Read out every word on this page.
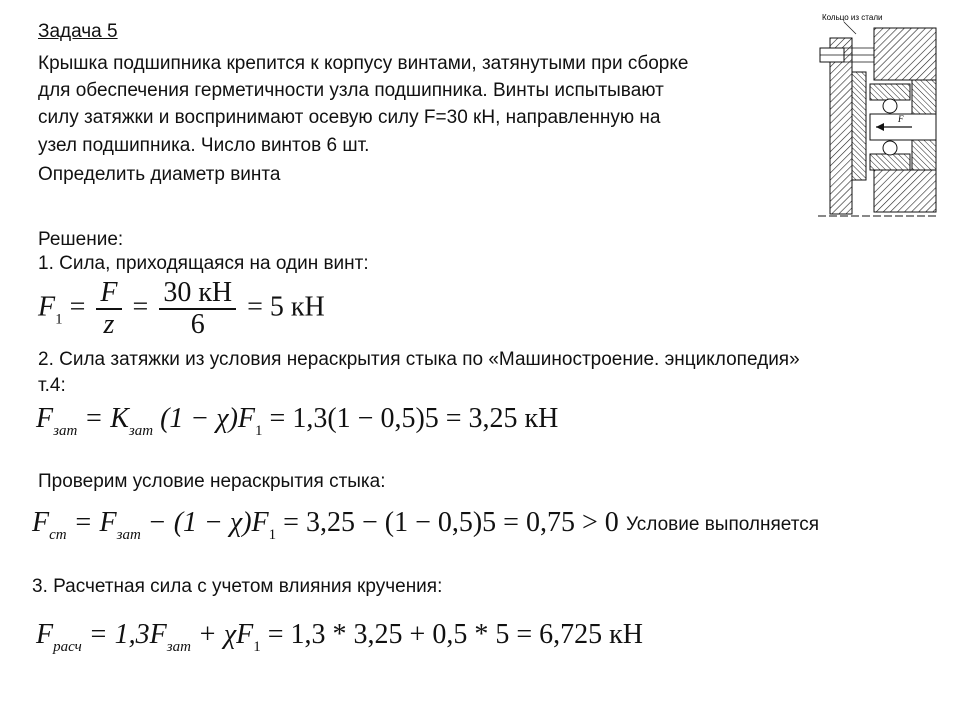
Задача 5
Крышка подшипника крепится к корпусу винтами, затянутыми при сборке
для обеспечения герметичности узла подшипника. Винты испытывают
силу затяжки и воспринимают осевую силу F=30 кН, направленную на
узел подшипника. Число винтов 6 шт.
Определить диаметр винта
Кольцо из стали
F
Решение:
1. Сила, приходящаяся на один винт:
$F_1 = \frac{F}{z} = \frac{30 кН}{6} = 5$ кН
2. Сила затяжки из условия нераскрытия стыка по «Машиностроение. энциклопедия»
т.4:
$F_{зат} = K_{зат}$ $(1 - \chi)F_1 = 1,3(1 - 0,5)5 = 3,25$ кН
Проверим условие нераскрытия стыка:
$F_{ст} = F_{зат} - (1 - \chi)F_1 = 3,25 - (1 - 0,5)5 = 0,75 > 0$ Условие выполняется
3. Расчетная сила с учетом влияния кручения:
$F_{расч} = 1,3F_{зат} + \chi F_1 = 1,3 * 3,25 + 0,5 * 5 = 6,725$ кН
